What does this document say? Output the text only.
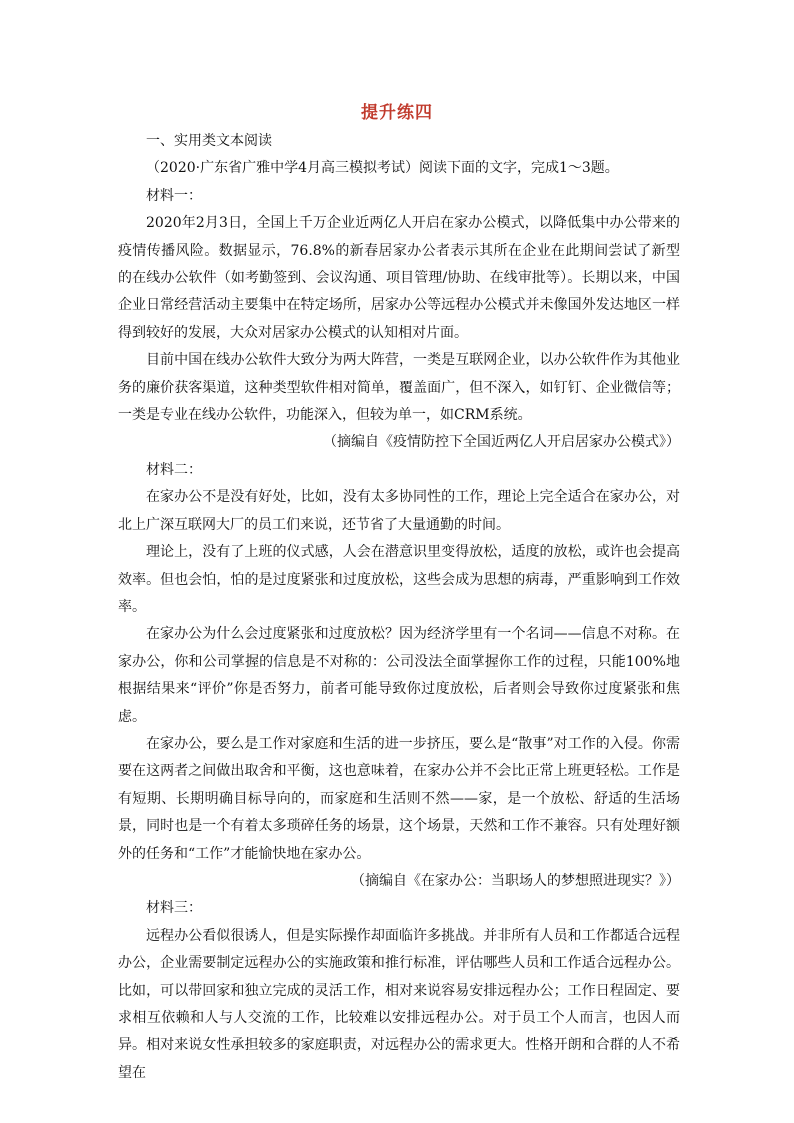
提升练四

一、实用类文本阅读

（2020·广东省广雅中学4月高三模拟考试）阅读下面的文字，完成1～3题。

材料一：

2020年2月3日，全国上千万企业近两亿人开启在家办公模式，以降低集中办公带来的疫情传播风险。数据显示，76.8%的新春居家办公者表示其所在企业在此期间尝试了新型的在线办公软件（如考勤签到、会议沟通、项目管理/协助、在线审批等）。长期以来，中国企业日常经营活动主要集中在特定场所，居家办公等远程办公模式并未像国外发达地区一样得到较好的发展，大众对居家办公模式的认知相对片面。

目前中国在线办公软件大致分为两大阵营，一类是互联网企业，以办公软件作为其他业务的廉价获客渠道，这种类型软件相对简单，覆盖面广，但不深入，如钉钉、企业微信等；一类是专业在线办公软件，功能深入，但较为单一，如CRM系统。

（摘编自《疫情防控下全国近两亿人开启居家办公模式》）

材料二：

在家办公不是没有好处，比如，没有太多协同性的工作，理论上完全适合在家办公，对北上广深互联网大厂的员工们来说，还节省了大量通勤的时间。

理论上，没有了上班的仪式感，人会在潜意识里变得放松，适度的放松，或许也会提高效率。但也会怕，怕的是过度紧张和过度放松，这些会成为思想的病毒，严重影响到工作效率。

在家办公为什么会过度紧张和过度放松？因为经济学里有一个名词——信息不对称。在家办公，你和公司掌握的信息是不对称的：公司没法全面掌握你工作的过程，只能100%地根据结果来“评价”你是否努力，前者可能导致你过度放松，后者则会导致你过度紧张和焦虑。

在家办公，要么是工作对家庭和生活的进一步挤压，要么是“散事”对工作的入侵。你需要在这两者之间做出取舍和平衡，这也意味着，在家办公并不会比正常上班更轻松。工作是有短期、长期明确目标导向的，而家庭和生活则不然——家，是一个放松、舒适的生活场景，同时也是一个有着太多琐碎任务的场景，这个场景，天然和工作不兼容。只有处理好额外的任务和“工作”才能愉快地在家办公。

（摘编自《在家办公：当职场人的梦想照进现实？》）

材料三：

远程办公看似很诱人，但是实际操作却面临许多挑战。并非所有人员和工作都适合远程办公，企业需要制定远程办公的实施政策和推行标准，评估哪些人员和工作适合远程办公。比如，可以带回家和独立完成的灵活工作，相对来说容易安排远程办公；工作日程固定、要求相互依赖和人与人交流的工作，比较难以安排远程办公。对于员工个人而言，也因人而异。相对来说女性承担较多的家庭职责，对远程办公的需求更大。性格开朗和合群的人不希望在
